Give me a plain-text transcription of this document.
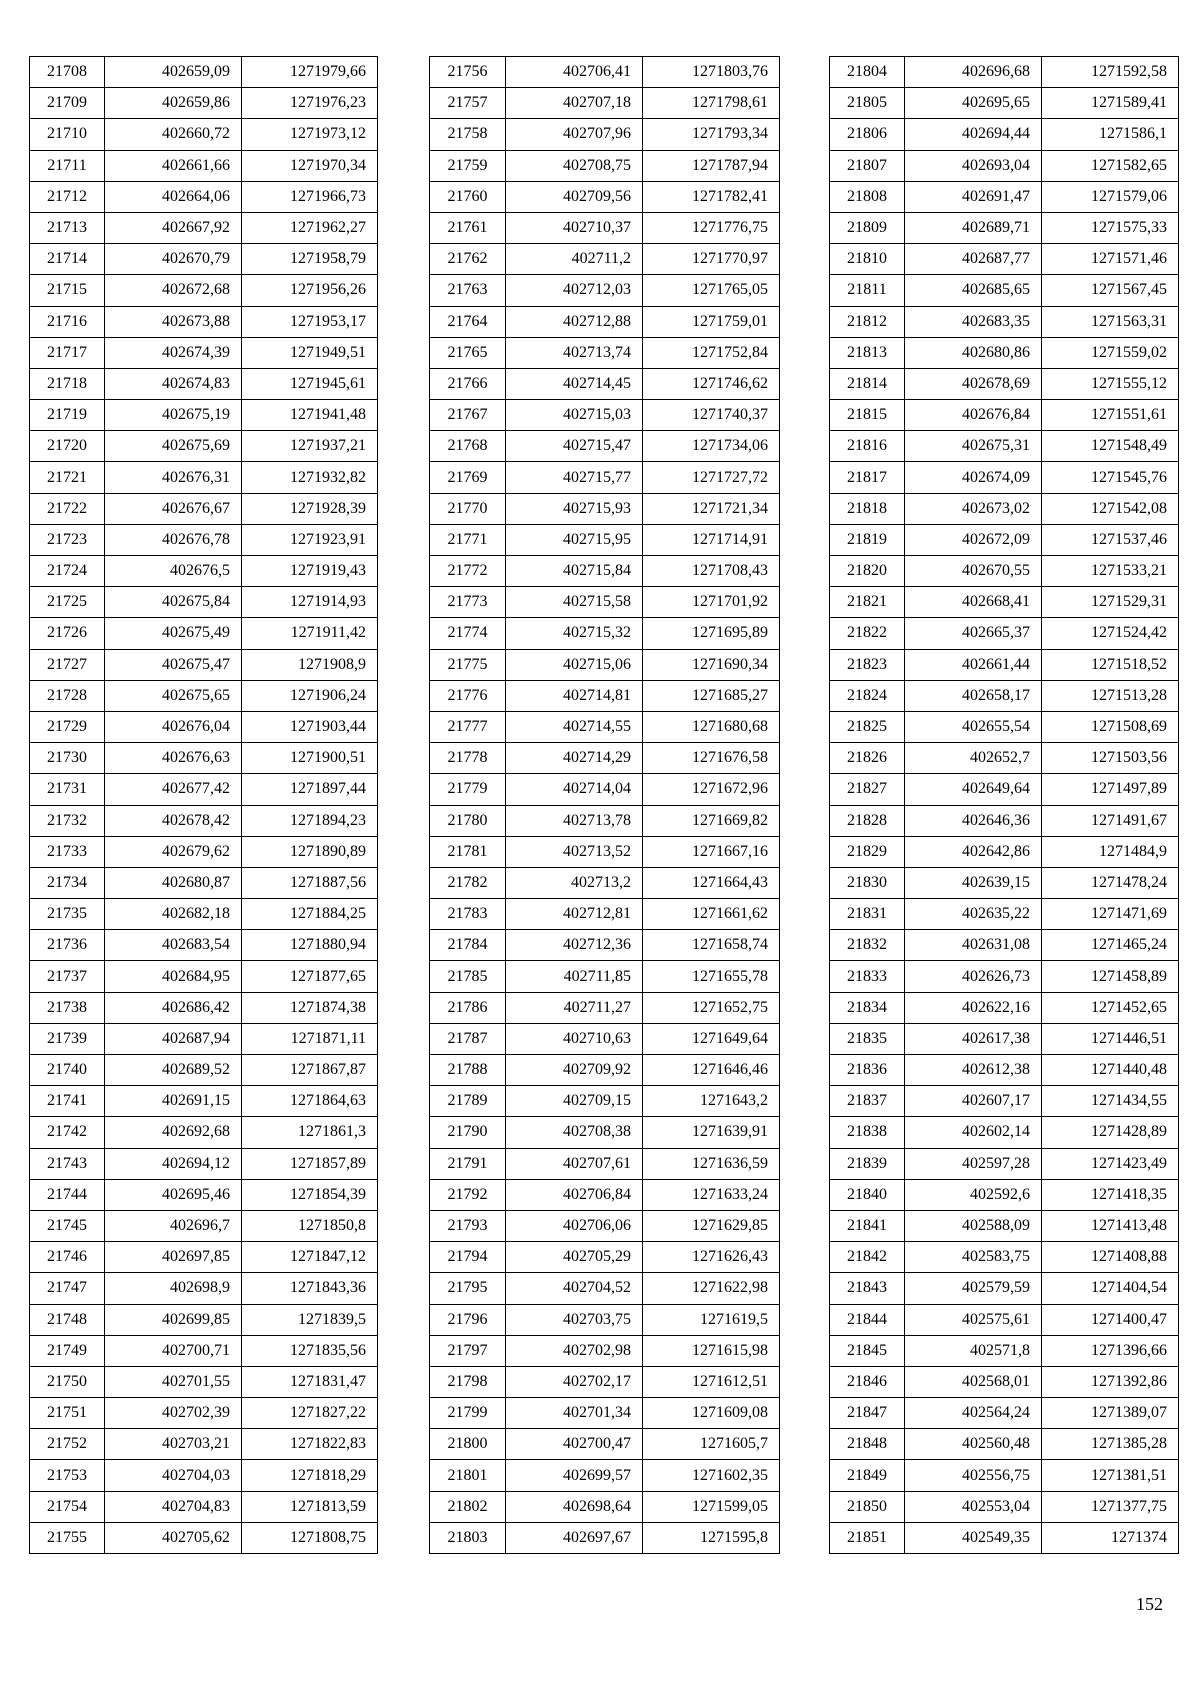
21708	402659,09	1271979,66
21709	402659,86	1271976,23
21710	402660,72	1271973,12
21711	402661,66	1271970,34
21712	402664,06	1271966,73
21713	402667,92	1271962,27
21714	402670,79	1271958,79
21715	402672,68	1271956,26
21716	402673,88	1271953,17
21717	402674,39	1271949,51
21718	402674,83	1271945,61
21719	402675,19	1271941,48
21720	402675,69	1271937,21
21721	402676,31	1271932,82
21722	402676,67	1271928,39
21723	402676,78	1271923,91
21724	402676,5	1271919,43
21725	402675,84	1271914,93
21726	402675,49	1271911,42
21727	402675,47	1271908,9
21728	402675,65	1271906,24
21729	402676,04	1271903,44
21730	402676,63	1271900,51
21731	402677,42	1271897,44
21732	402678,42	1271894,23
21733	402679,62	1271890,89
21734	402680,87	1271887,56
21735	402682,18	1271884,25
21736	402683,54	1271880,94
21737	402684,95	1271877,65
21738	402686,42	1271874,38
21739	402687,94	1271871,11
21740	402689,52	1271867,87
21741	402691,15	1271864,63
21742	402692,68	1271861,3
21743	402694,12	1271857,89
21744	402695,46	1271854,39
21745	402696,7	1271850,8
21746	402697,85	1271847,12
21747	402698,9	1271843,36
21748	402699,85	1271839,5
21749	402700,71	1271835,56
21750	402701,55	1271831,47
21751	402702,39	1271827,22
21752	402703,21	1271822,83
21753	402704,03	1271818,29
21754	402704,83	1271813,59
21755	402705,62	1271808,75
21756	402706,41	1271803,76
21757	402707,18	1271798,61
21758	402707,96	1271793,34
21759	402708,75	1271787,94
21760	402709,56	1271782,41
21761	402710,37	1271776,75
21762	402711,2	1271770,97
21763	402712,03	1271765,05
21764	402712,88	1271759,01
21765	402713,74	1271752,84
21766	402714,45	1271746,62
21767	402715,03	1271740,37
21768	402715,47	1271734,06
21769	402715,77	1271727,72
21770	402715,93	1271721,34
21771	402715,95	1271714,91
21772	402715,84	1271708,43
21773	402715,58	1271701,92
21774	402715,32	1271695,89
21775	402715,06	1271690,34
21776	402714,81	1271685,27
21777	402714,55	1271680,68
21778	402714,29	1271676,58
21779	402714,04	1271672,96
21780	402713,78	1271669,82
21781	402713,52	1271667,16
21782	402713,2	1271664,43
21783	402712,81	1271661,62
21784	402712,36	1271658,74
21785	402711,85	1271655,78
21786	402711,27	1271652,75
21787	402710,63	1271649,64
21788	402709,92	1271646,46
21789	402709,15	1271643,2
21790	402708,38	1271639,91
21791	402707,61	1271636,59
21792	402706,84	1271633,24
21793	402706,06	1271629,85
21794	402705,29	1271626,43
21795	402704,52	1271622,98
21796	402703,75	1271619,5
21797	402702,98	1271615,98
21798	402702,17	1271612,51
21799	402701,34	1271609,08
21800	402700,47	1271605,7
21801	402699,57	1271602,35
21802	402698,64	1271599,05
21803	402697,67	1271595,8
21804	402696,68	1271592,58
21805	402695,65	1271589,41
21806	402694,44	1271586,1
21807	402693,04	1271582,65
21808	402691,47	1271579,06
21809	402689,71	1271575,33
21810	402687,77	1271571,46
21811	402685,65	1271567,45
21812	402683,35	1271563,31
21813	402680,86	1271559,02
21814	402678,69	1271555,12
21815	402676,84	1271551,61
21816	402675,31	1271548,49
21817	402674,09	1271545,76
21818	402673,02	1271542,08
21819	402672,09	1271537,46
21820	402670,55	1271533,21
21821	402668,41	1271529,31
21822	402665,37	1271524,42
21823	402661,44	1271518,52
21824	402658,17	1271513,28
21825	402655,54	1271508,69
21826	402652,7	1271503,56
21827	402649,64	1271497,89
21828	402646,36	1271491,67
21829	402642,86	1271484,9
21830	402639,15	1271478,24
21831	402635,22	1271471,69
21832	402631,08	1271465,24
21833	402626,73	1271458,89
21834	402622,16	1271452,65
21835	402617,38	1271446,51
21836	402612,38	1271440,48
21837	402607,17	1271434,55
21838	402602,14	1271428,89
21839	402597,28	1271423,49
21840	402592,6	1271418,35
21841	402588,09	1271413,48
21842	402583,75	1271408,88
21843	402579,59	1271404,54
21844	402575,61	1271400,47
21845	402571,8	1271396,66
21846	402568,01	1271392,86
21847	402564,24	1271389,07
21848	402560,48	1271385,28
21849	402556,75	1271381,51
21850	402553,04	1271377,75
21851	402549,35	1271374
152
